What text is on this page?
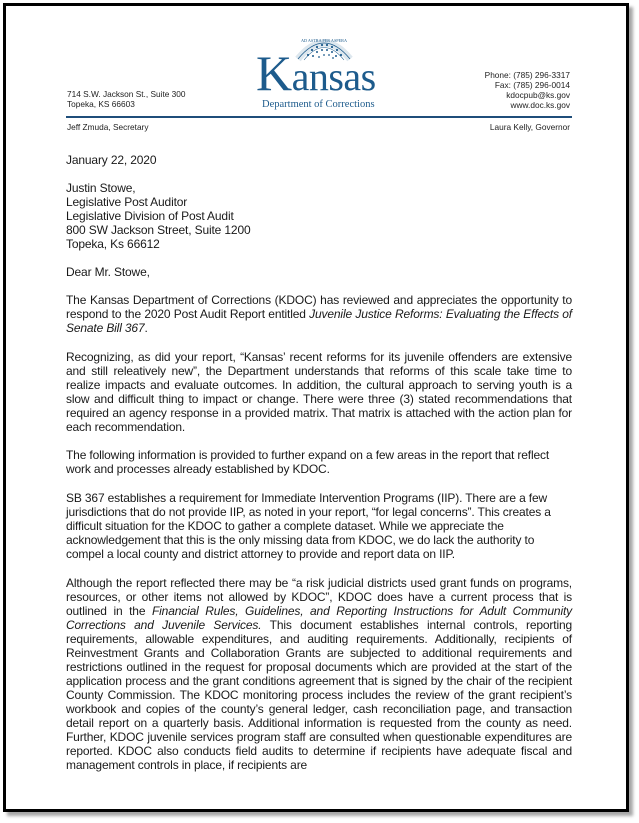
714 S.W. Jackson St., Suite 300
Topeka, KS 66603
AD ASTRA PER ASPERA
Kansas
Department of Corrections
Phone: (785) 296-3317
Fax: (785) 296-0014
kdocpub@ks.gov
www.doc.ks.gov
Jeff Zmuda, Secretary	Laura Kelly, Governor
January 22, 2020
Justin Stowe,
Legislative Post Auditor
Legislative Division of Post Audit
800 SW Jackson Street, Suite 1200
Topeka, Ks 66612
Dear Mr. Stowe,

The Kansas Department of Corrections (KDOC) has reviewed and appreciates the opportunity to respond to the 2020 Post Audit Report entitled Juvenile Justice Reforms: Evaluating the Effects of Senate Bill 367.

Recognizing, as did your report, “Kansas’ recent reforms for its juvenile offenders are extensive and still releatively new”, the Department understands that reforms of this scale take time to realize impacts and evaluate outcomes. In addition, the cultural approach to serving youth is a slow and difficult thing to impact or change. There were three (3) stated recommendations that required an agency response in a provided matrix. That matrix is attached with the action plan for each recommendation.

The following information is provided to further expand on a few areas in the report that reflect work and processes already established by KDOC.

SB 367 establishes a requirement for Immediate Intervention Programs (IIP). There are a few jurisdictions that do not provide IIP, as noted in your report, “for legal concerns”. This creates a difficult situation for the KDOC to gather a complete dataset. While we appreciate the acknowledgement that this is the only missing data from KDOC, we do lack the authority to compel a local county and district attorney to provide and report data on IIP.

Although the report reflected there may be “a risk judicial districts used grant funds on programs, resources, or other items not allowed by KDOC”, KDOC does have a current process that is outlined in the Financial Rules, Guidelines, and Reporting Instructions for Adult Community Corrections and Juvenile Services. This document establishes internal controls, reporting requirements, allowable expenditures, and auditing requirements. Additionally, recipients of Reinvestment Grants and Collaboration Grants are subjected to additional requirements and restrictions outlined in the request for proposal documents which are provided at the start of the application process and the grant conditions agreement that is signed by the chair of the recipient County Commission. The KDOC monitoring process includes the review of the grant recipient’s workbook and copies of the county’s general ledger, cash reconciliation page, and transaction detail report on a quarterly basis. Additional information is requested from the county as need. Further, KDOC juvenile services program staff are consulted when questionable expenditures are reported. KDOC also conducts field audits to determine if recipients have adequate fiscal and management controls in place, if recipients are
